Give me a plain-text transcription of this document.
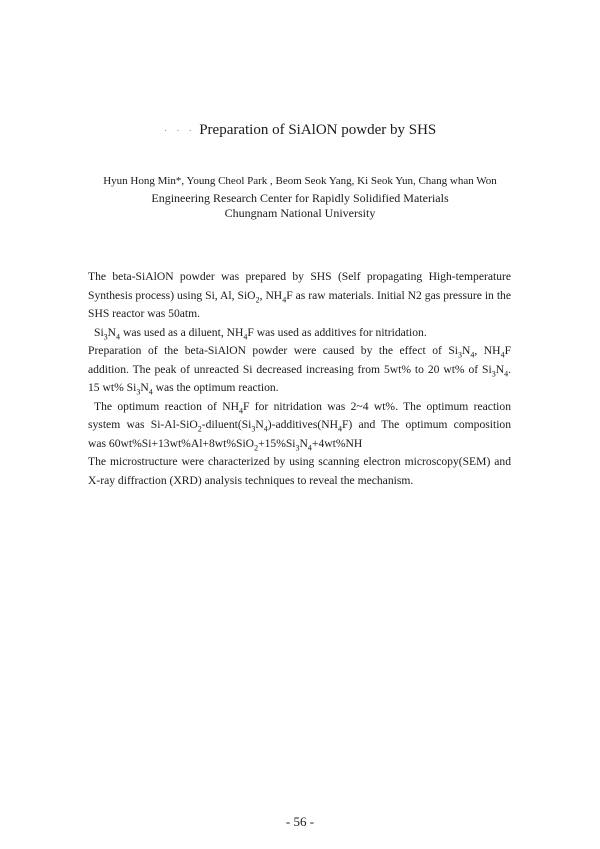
· · · Preparation of SiAlON powder by SHS
Hyun Hong Min*, Young Cheol Park , Beom Seok Yang, Ki Seok Yun, Chang whan Won
Engineering Research Center for Rapidly Solidified Materials
Chungnam National University

The beta-SiAlON powder was prepared by SHS (Self propagating High-temperature Synthesis process) using Si, Al, SiO$_2$, $NH_4F$ as raw materials. Initial N2 gas pressure in the SHS reactor was 50atm.

$Si_3N_4$ was used as a diluent, $NH_4F$ was used as additives for nitridation.

Preparation of the beta-SiAlON powder were caused by the effect of $Si_3N_4$, $NH_4F$ addition. The peak of unreacted Si decreased increasing from 5wt% to 20 wt% of $Si_3N_4$. 15 wt% $Si_3N_4$ was the optimum reaction.

The optimum reaction of $NH_4F$ for nitridation was 2~4 wt%. The optimum reaction system was $Si-Al-SiO_2-diluent(Si_3N_4)-additives(NH_4F)$ and The optimum composition was $60wt\%Si+13wt\%Al+8wt\%SiO_2+15\%Si_3N_4+4wt\%NH$

The microstructure were characterized by using scanning electron microscopy(SEM) and X-ray diffraction (XRD) analysis techniques to reveal the mechanism.

- 56 -
